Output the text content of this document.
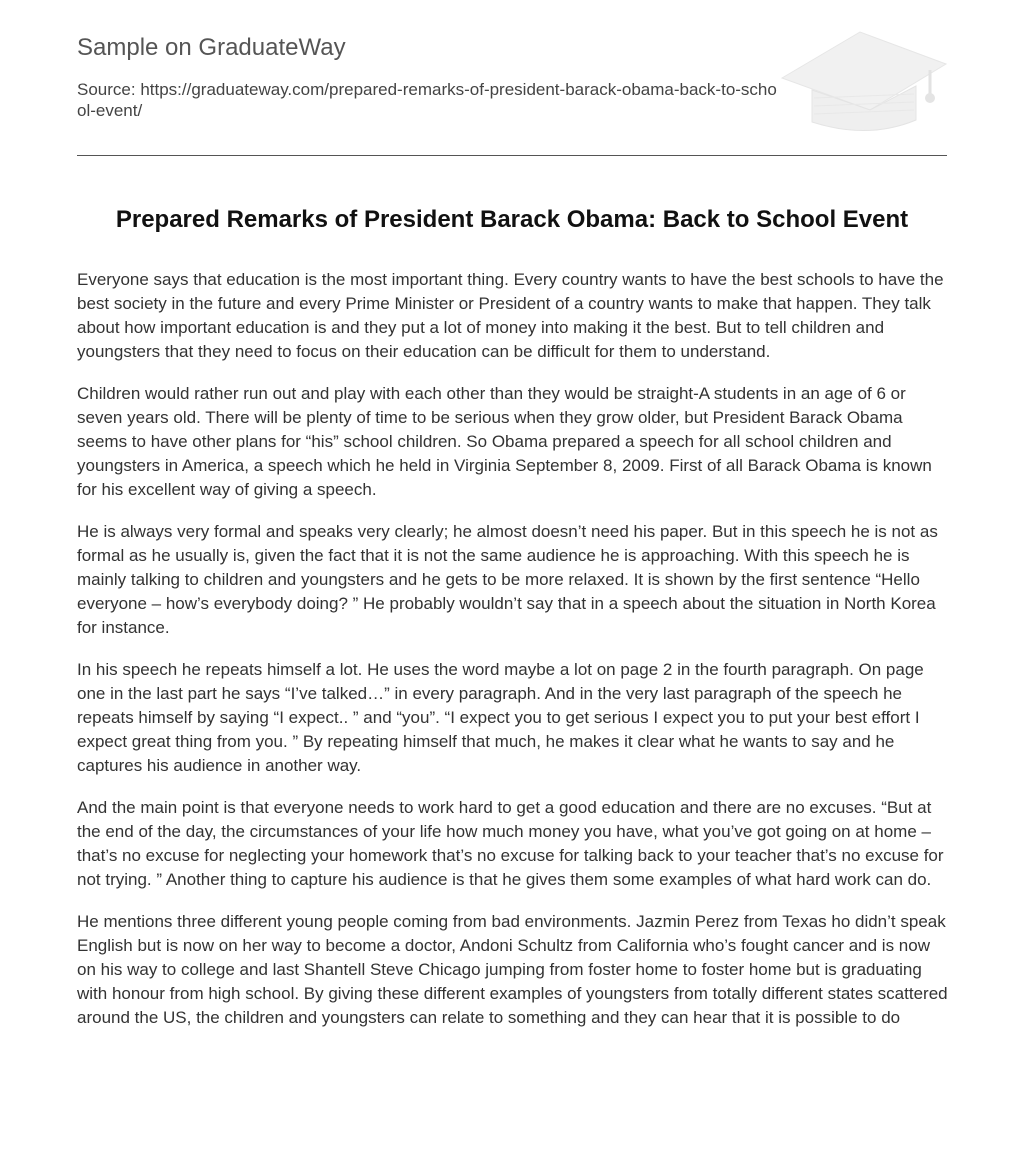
Sample on GraduateWay
Source: https://graduateway.com/prepared-remarks-of-president-barack-obama-back-to-school-event/
Prepared Remarks of President Barack Obama: Back to School Event

Everyone says that education is the most important thing. Every country wants to have the best schools to have the best society in the future and every Prime Minister or President of a country wants to make that happen. They talk about how important education is and they put a lot of money into making it the best. But to tell children and youngsters that they need to focus on their education can be difficult for them to understand.

Children would rather run out and play with each other than they would be straight-A students in an age of 6 or seven years old. There will be plenty of time to be serious when they grow older, but President Barack Obama seems to have other plans for “his” school children. So Obama prepared a speech for all school children and youngsters in America, a speech which he held in Virginia September 8, 2009. First of all Barack Obama is known for his excellent way of giving a speech.

He is always very formal and speaks very clearly; he almost doesn’t need his paper. But in this speech he is not as formal as he usually is, given the fact that it is not the same audience he is approaching. With this speech he is mainly talking to children and youngsters and he gets to be more relaxed. It is shown by the first sentence “Hello everyone – how’s everybody doing? ” He probably wouldn’t say that in a speech about the situation in North Korea for instance.

In his speech he repeats himself a lot. He uses the word maybe a lot on page 2 in the fourth paragraph. On page one in the last part he says “I’ve talked…” in every paragraph. And in the very last paragraph of the speech he repeats himself by saying “I expect.. ” and “you”. “I expect you to get serious I expect you to put your best effort I expect great thing from you. ” By repeating himself that much, he makes it clear what he wants to say and he captures his audience in another way.

And the main point is that everyone needs to work hard to get a good education and there are no excuses. “But at the end of the day, the circumstances of your life how much money you have, what you’ve got going on at home – that’s no excuse for neglecting your homework that’s no excuse for talking back to your teacher that’s no excuse for not trying. ” Another thing to capture his audience is that he gives them some examples of what hard work can do.

He mentions three different young people coming from bad environments. Jazmin Perez from Texas ho didn’t speak English but is now on her way to become a doctor, Andoni Schultz from California who’s fought cancer and is now on his way to college and last Shantell Steve Chicago jumping from foster home to foster home but is graduating with honour from high school. By giving these different examples of youngsters from totally different states scattered around the US, the children and youngsters can relate to something and they can hear that it is possible to do
